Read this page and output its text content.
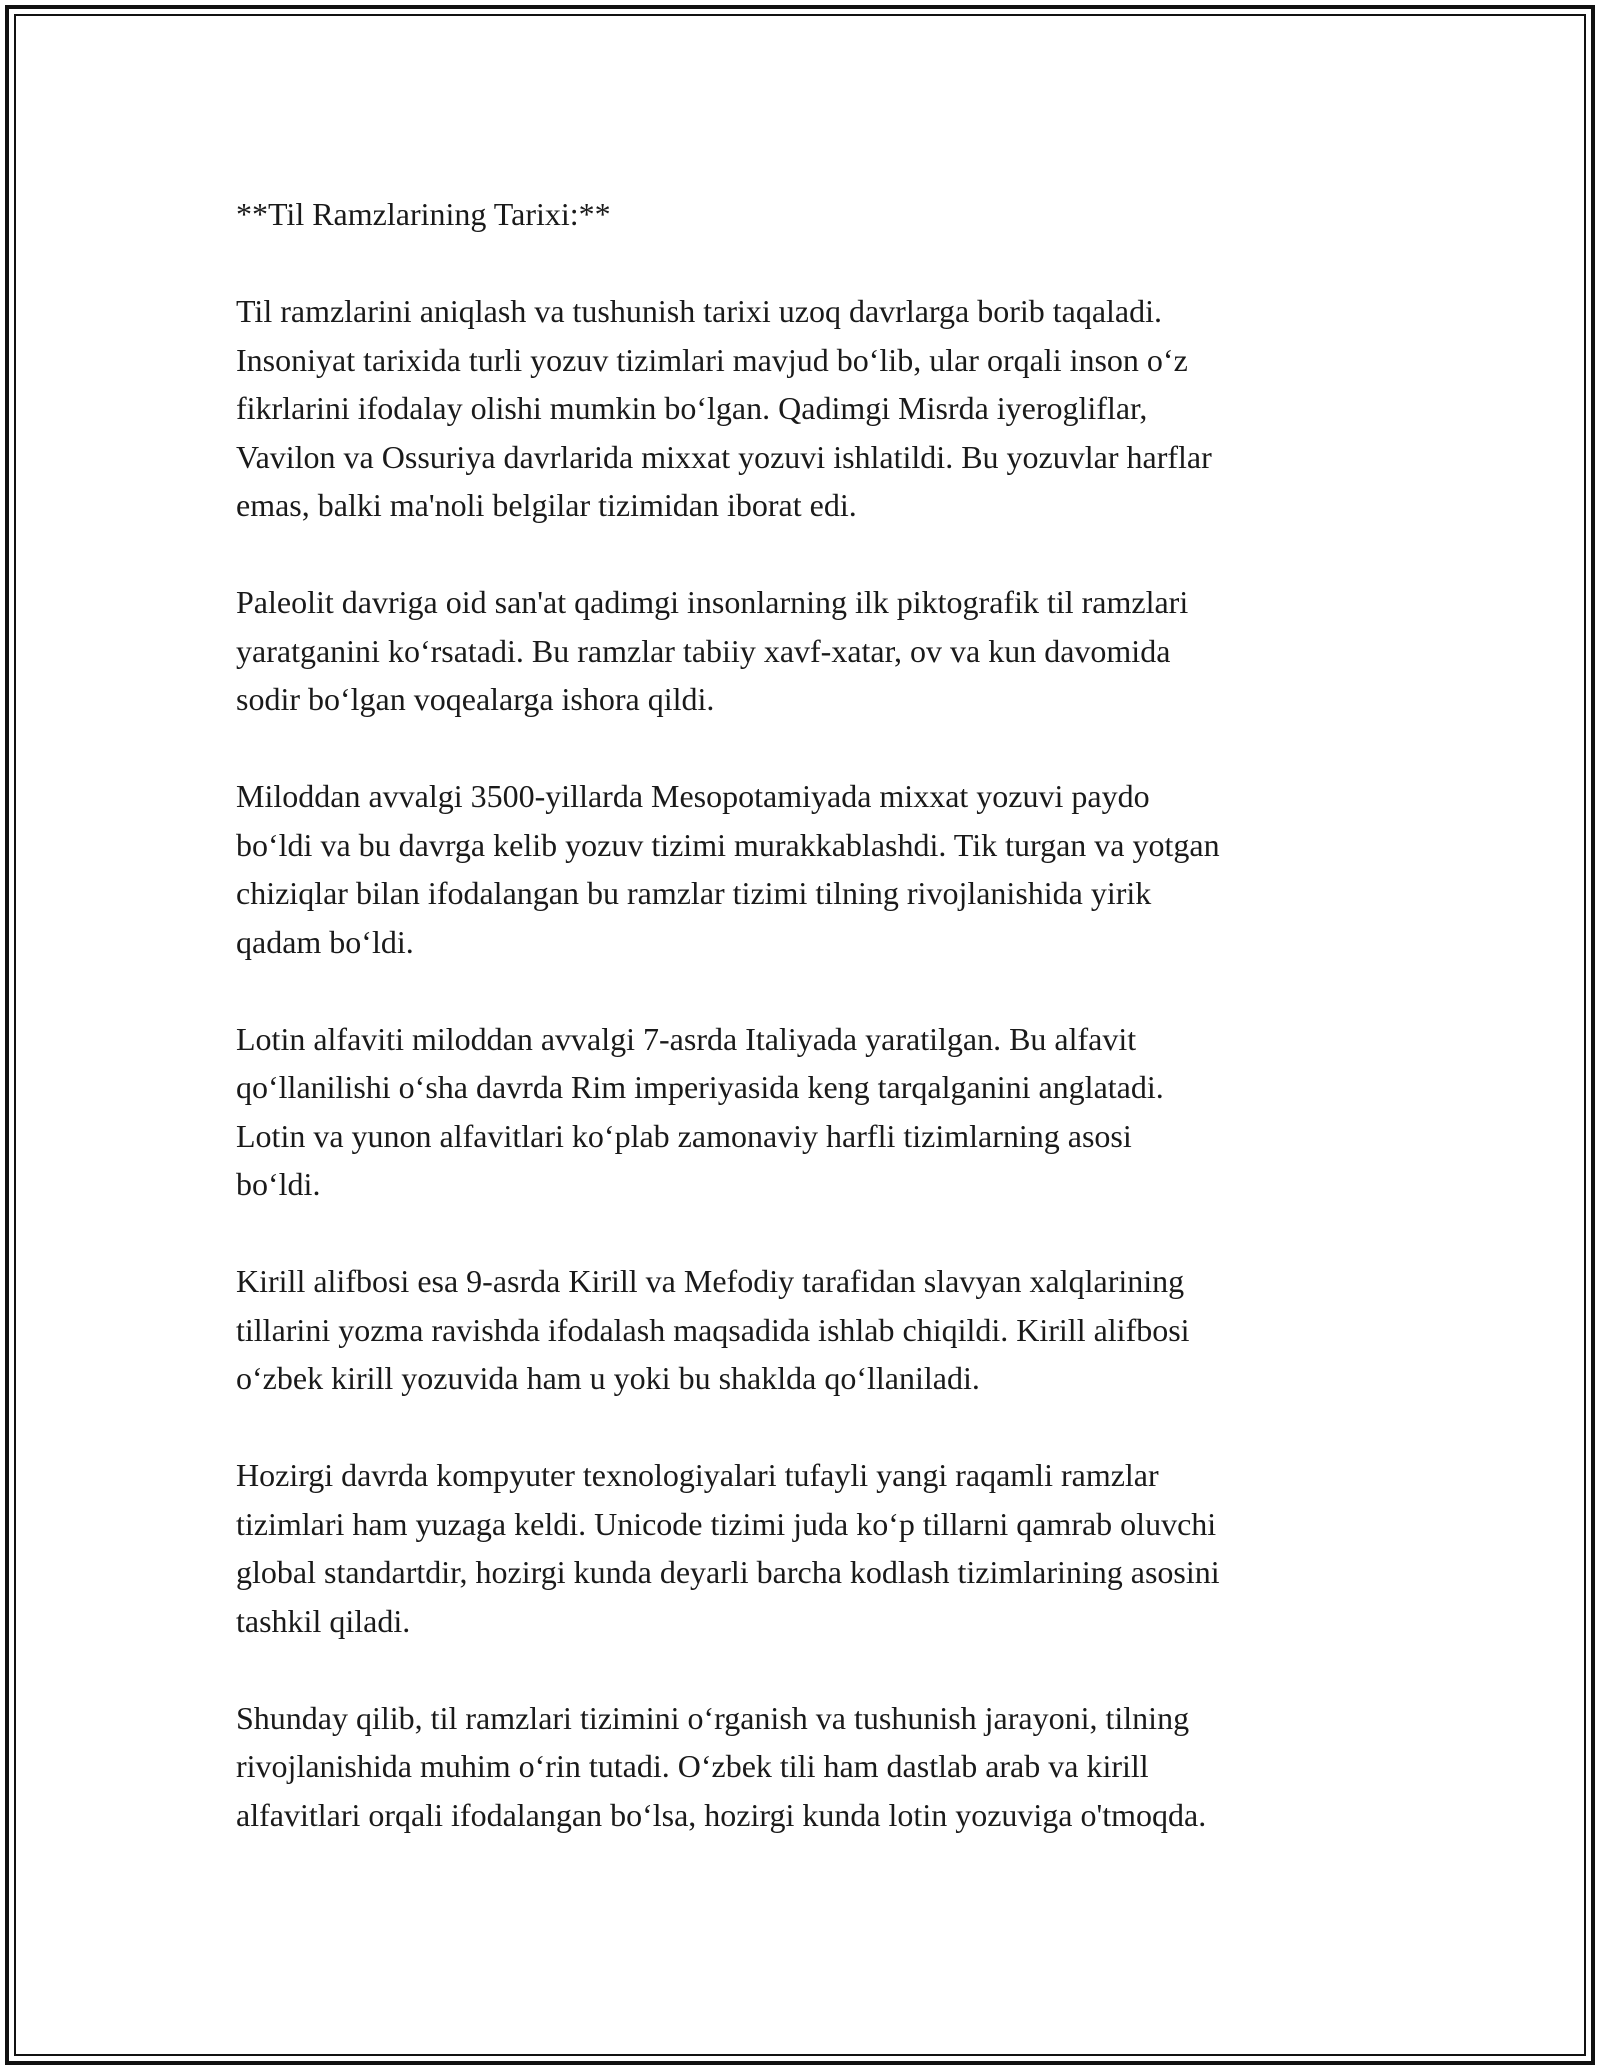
**Til Ramzlarining Tarixi:**

Til ramzlarini aniqlash va tushunish tarixi uzoq davrlarga borib taqaladi.
Insoniyat tarixida turli yozuv tizimlari mavjud boʻlib, ular orqali inson oʻz
fikrlarini ifodalay olishi mumkin boʻlgan. Qadimgi Misrda iyerogliflar,
Vavilon va Ossuriya davrlarida mixxat yozuvi ishlatildi. Bu yozuvlar harflar
emas, balki ma'noli belgilar tizimidan iborat edi.

Paleolit davriga oid san'at qadimgi insonlarning ilk piktografik til ramzlari
yaratganini koʻrsatadi. Bu ramzlar tabiiy xavf-xatar, ov va kun davomida
sodir boʻlgan voqealarga ishora qildi.

Miloddan avvalgi 3500-yillarda Mesopotamiyada mixxat yozuvi paydo
boʻldi va bu davrga kelib yozuv tizimi murakkablashdi. Tik turgan va yotgan
chiziqlar bilan ifodalangan bu ramzlar tizimi tilning rivojlanishida yirik
qadam boʻldi.

Lotin alfaviti miloddan avvalgi 7-asrda Italiyada yaratilgan. Bu alfavit
qoʻllanilishi oʻsha davrda Rim imperiyasida keng tarqalganini anglatadi.
Lotin va yunon alfavitlari koʻplab zamonaviy harfli tizimlarning asosi
boʻldi.

Kirill alifbosi esa 9-asrda Kirill va Mefodiy tarafidan slavyan xalqlarining
tillarini yozma ravishda ifodalash maqsadida ishlab chiqildi. Kirill alifbosi
oʻzbek kirill yozuvida ham u yoki bu shaklda qoʻllaniladi.

Hozirgi davrda kompyuter texnologiyalari tufayli yangi raqamli ramzlar
tizimlari ham yuzaga keldi. Unicode tizimi juda koʻp tillarni qamrab oluvchi
global standartdir, hozirgi kunda deyarli barcha kodlash tizimlarining asosini
tashkil qiladi.

Shunday qilib, til ramzlari tizimini oʻrganish va tushunish jarayoni, tilning
rivojlanishida muhim oʻrin tutadi. Oʻzbek tili ham dastlab arab va kirill
alfavitlari orqali ifodalangan boʻlsa, hozirgi kunda lotin yozuviga o'tmoqda.
